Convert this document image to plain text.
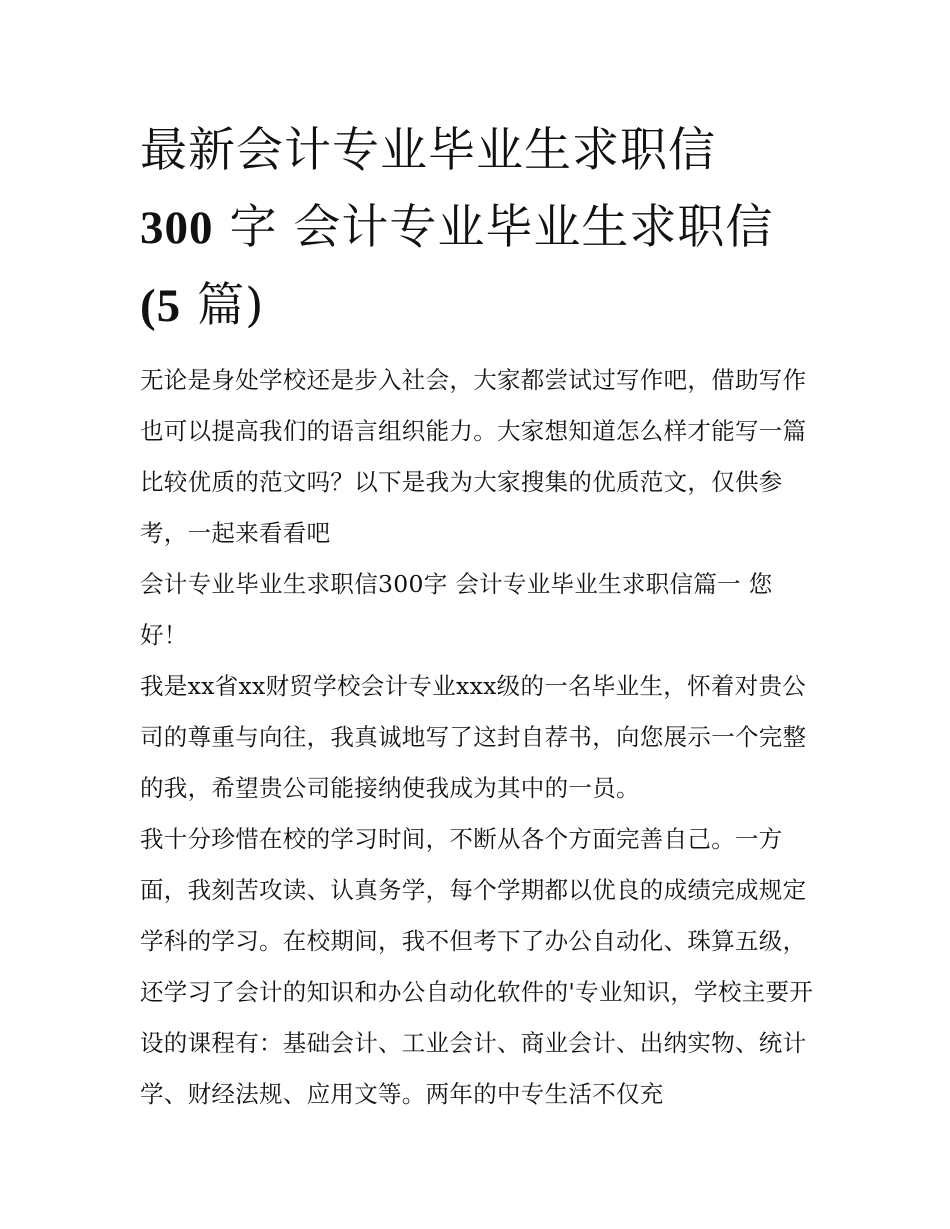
最新会计专业毕业生求职信
300 字 会计专业毕业生求职信
(5 篇)

无论是身处学校还是步入社会，大家都尝试过写作吧，借助写作也可以提高我们的语言组织能力。大家想知道怎么样才能写一篇比较优质的范文吗？以下是我为大家搜集的优质范文，仅供参考，一起来看看吧

会计专业毕业生求职信300字 会计专业毕业生求职信篇一 您好！

我是xx省xx财贸学校会计专业xxx级的一名毕业生，怀着对贵公司的尊重与向往，我真诚地写了这封自荐书，向您展示一个完整的我，希望贵公司能接纳使我成为其中的一员。

我十分珍惜在校的学习时间，不断从各个方面完善自己。一方面，我刻苦攻读、认真务学，每个学期都以优良的成绩完成规定学科的学习。在校期间，我不但考下了办公自动化、珠算五级，还学习了会计的知识和办公自动化软件的'专业知识，学校主要开设的课程有：基础会计、工业会计、商业会计、出纳实物、统计学、财经法规、应用文等。两年的中专生活不仅充
